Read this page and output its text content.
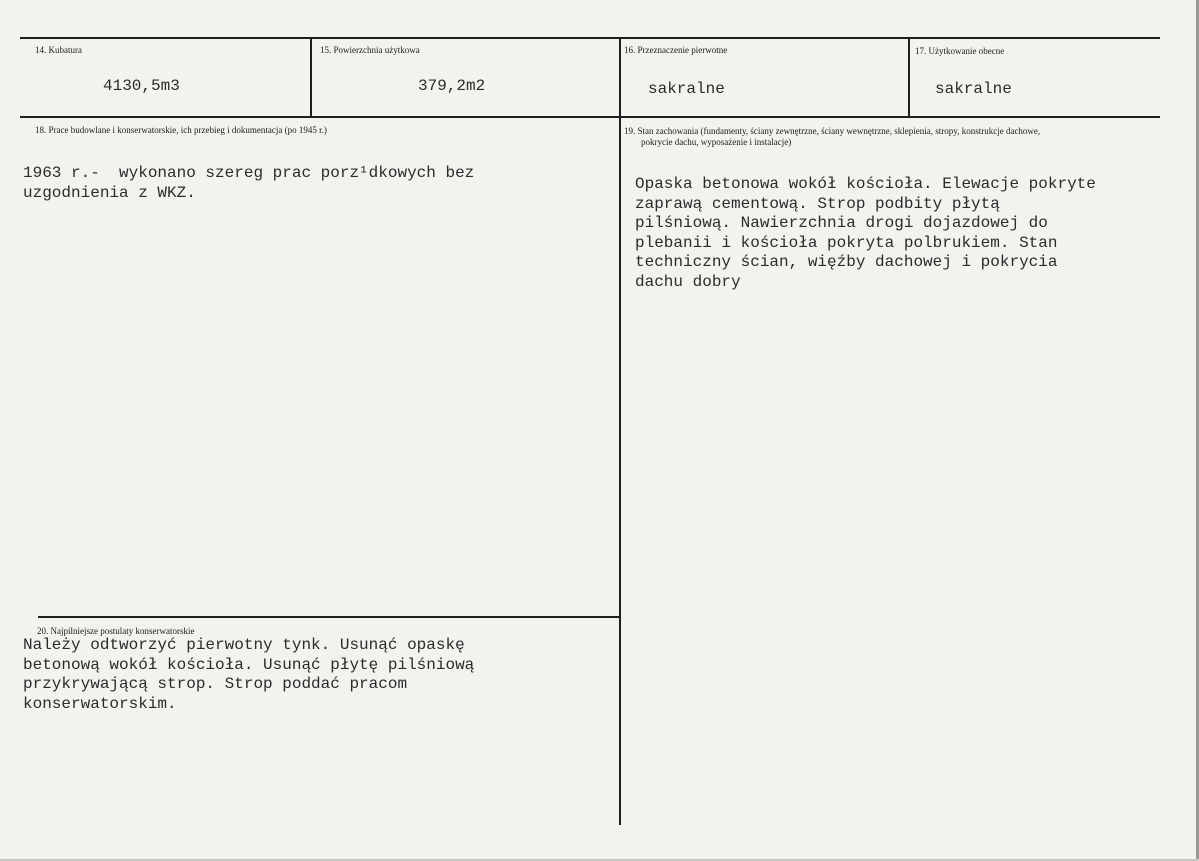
14. Kubatura
4130,5m3
15. Powierzchnia użytkowa
379,2m2
16. Przeznaczenie pierwotne
sakralne
17. Użytkowanie obecne
sakralne
18. Prace budowlane i konserwatorskie, ich przebieg i dokumentacja (po 1945 r.)
1963 r.-  wykonano szereg prac porz¹dkowych bez
uzgodnienia z WKZ.
19. Stan zachowania (fundamenty, ściany zewnętrzne, ściany wewnętrzne, sklepienia, stropy, konstrukcje dachowe,
pokrycie dachu, wyposażenie i instalacje)
Opaska betonowa wokół kościoła. Elewacje pokryte
zaprawą cementową. Strop podbity płytą
pilśniową. Nawierzchnia drogi dojazdowej do
plebanii i kościoła pokryta polbrukiem. Stan
techniczny ścian, więźby dachowej i pokrycia
dachu dobry
20. Najpilniejsze postulaty konserwatorskie
Należy odtworzyć pierwotny tynk. Usunąć opaskę
betonową wokół kościoła. Usunąć płytę pilśniową
przykrywającą strop. Strop poddać pracom
konserwatorskim.
